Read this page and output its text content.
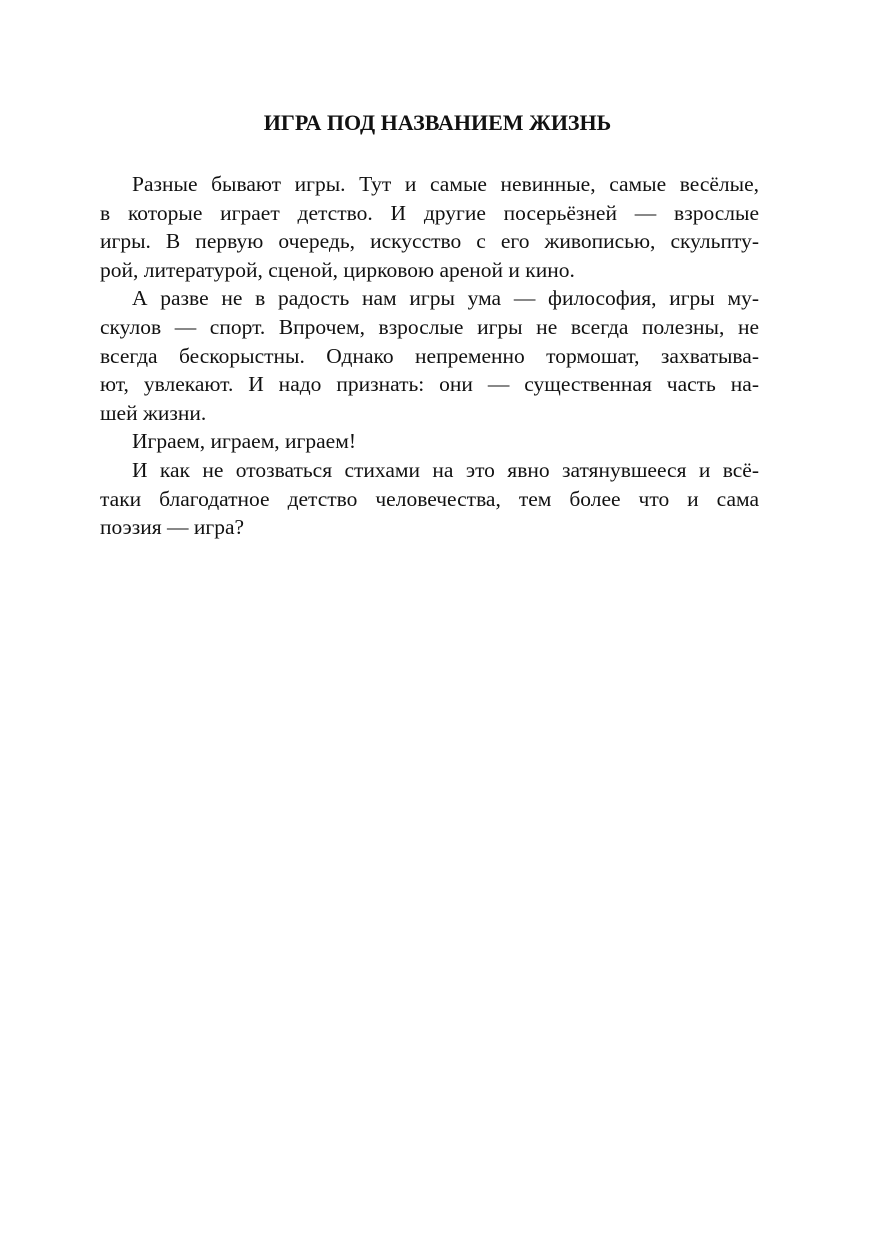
ИГРА ПОД НАЗВАНИЕМ ЖИЗНЬ
Разные бывают игры. Тут и самые невинные, самые весёлые,
в которые играет детство. И другие посерьёзней — взрослые
игры. В первую очередь, искусство с его живописью, скульпту-
рой, литературой, сценой, цирковою ареной и кино.
А разве не в радость нам игры ума — философия, игры му-
скулов — спорт. Впрочем, взрослые игры не всегда полезны, не
всегда бескорыстны. Однако непременно тормошат, захватыва-
ют, увлекают. И надо признать: они — существенная часть на-
шей жизни.
Играем, играем, играем!
И как не отозваться стихами на это явно затянувшееся и всё-
таки благодатное детство человечества, тем более что и сама
поэзия — игра?
